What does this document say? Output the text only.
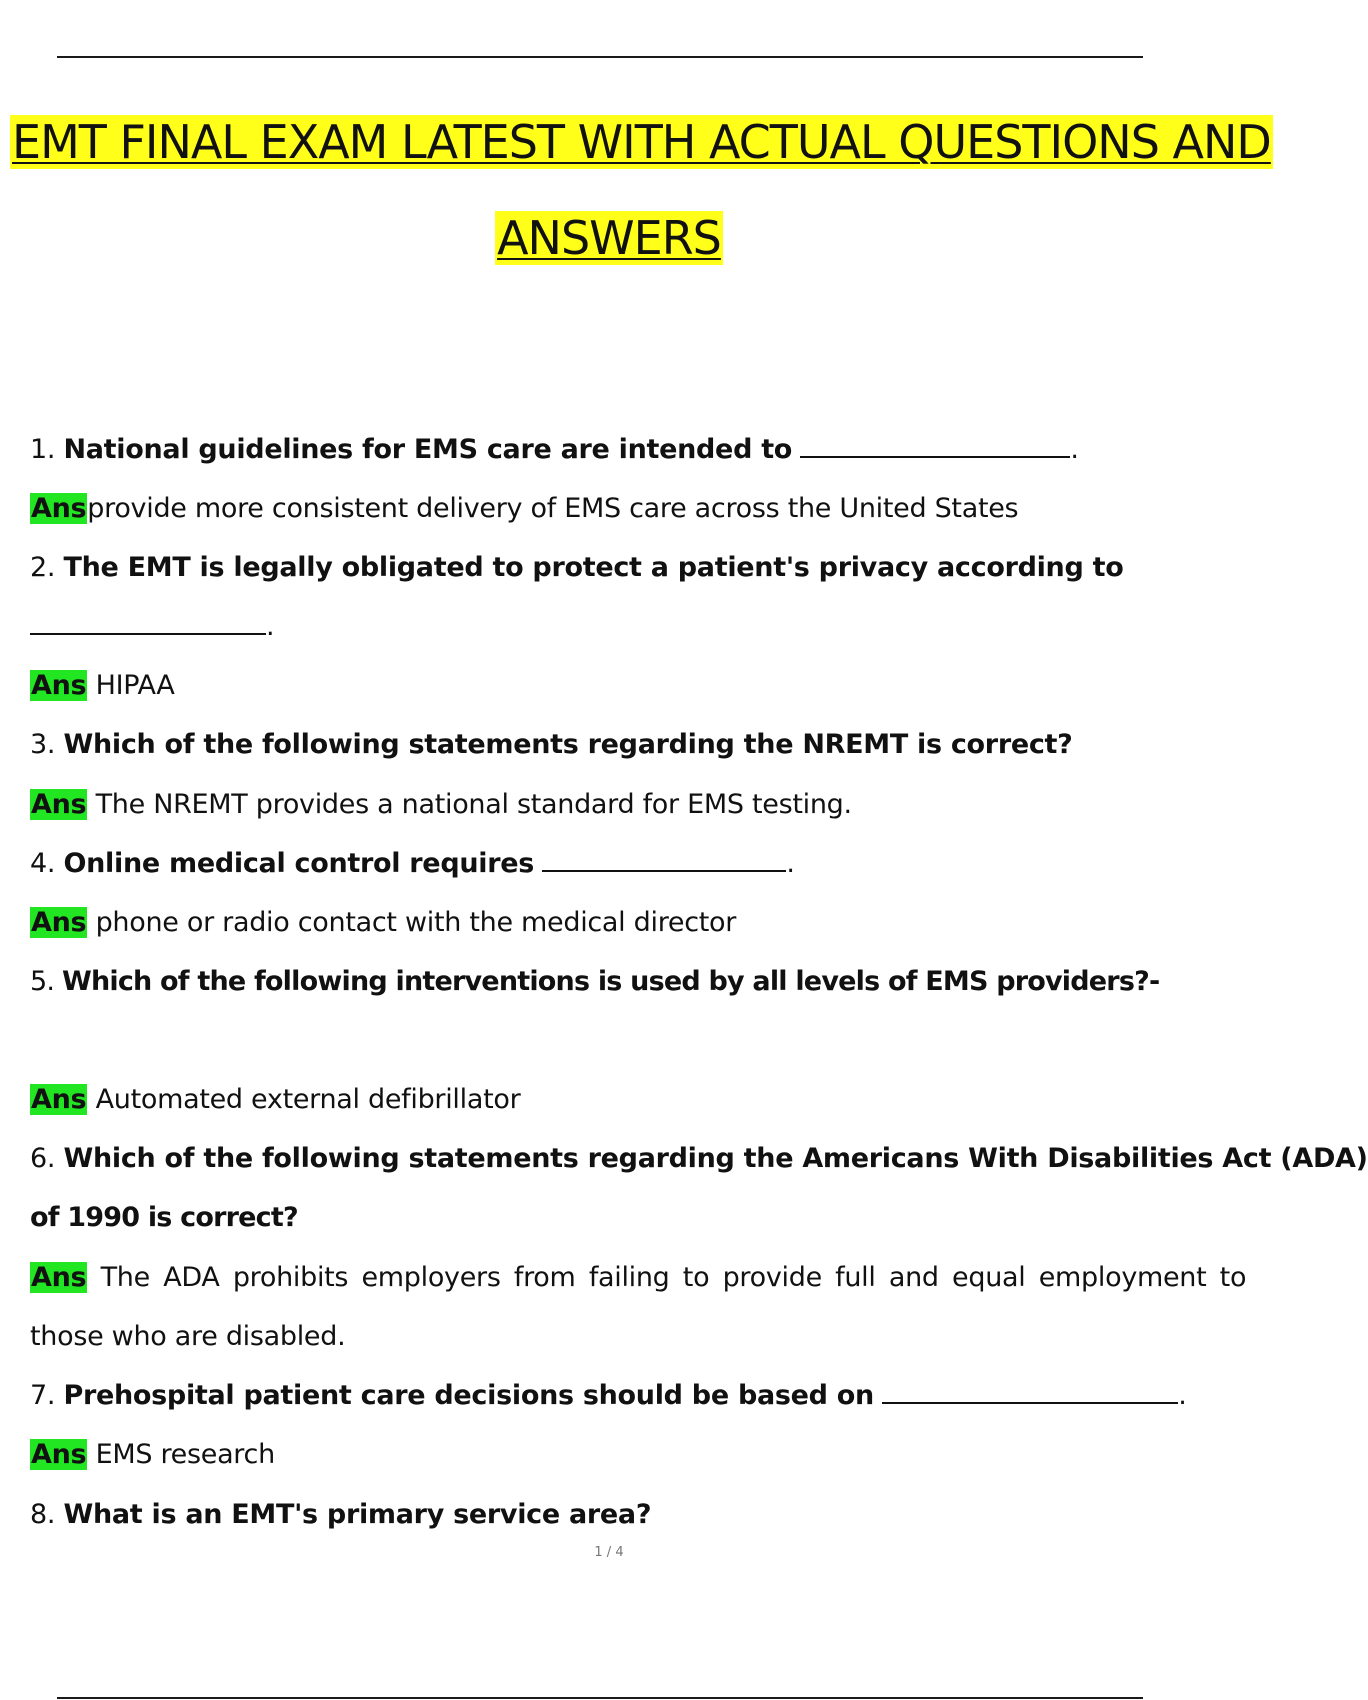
EMT FINAL EXAM LATEST WITH ACTUAL QUESTIONS AND
ANSWERS
1. National guidelines for EMS care are intended to	.
Ansprovide more consistent delivery of EMS care across the United States
2. The EMT is legally obligated to protect a patient's privacy according to
.
Ans HIPAA
3. Which of the following statements regarding the NREMT is correct?
Ans The NREMT provides a national standard for EMS testing.
4. Online medical control requires	.
Ans phone or radio contact with the medical director
5. Which of the following interventions is used by all levels of EMS providers?-
Ans Automated external defibrillator
6. Which of the following statements regarding the Americans With Disabilities Act (ADA)
of 1990 is correct?
Ans The ADA prohibits employers from failing to provide full and equal employment to
those who are disabled.
7. Prehospital patient care decisions should be based on	.
Ans EMS research
8. What is an EMT's primary service area?
1 / 4
